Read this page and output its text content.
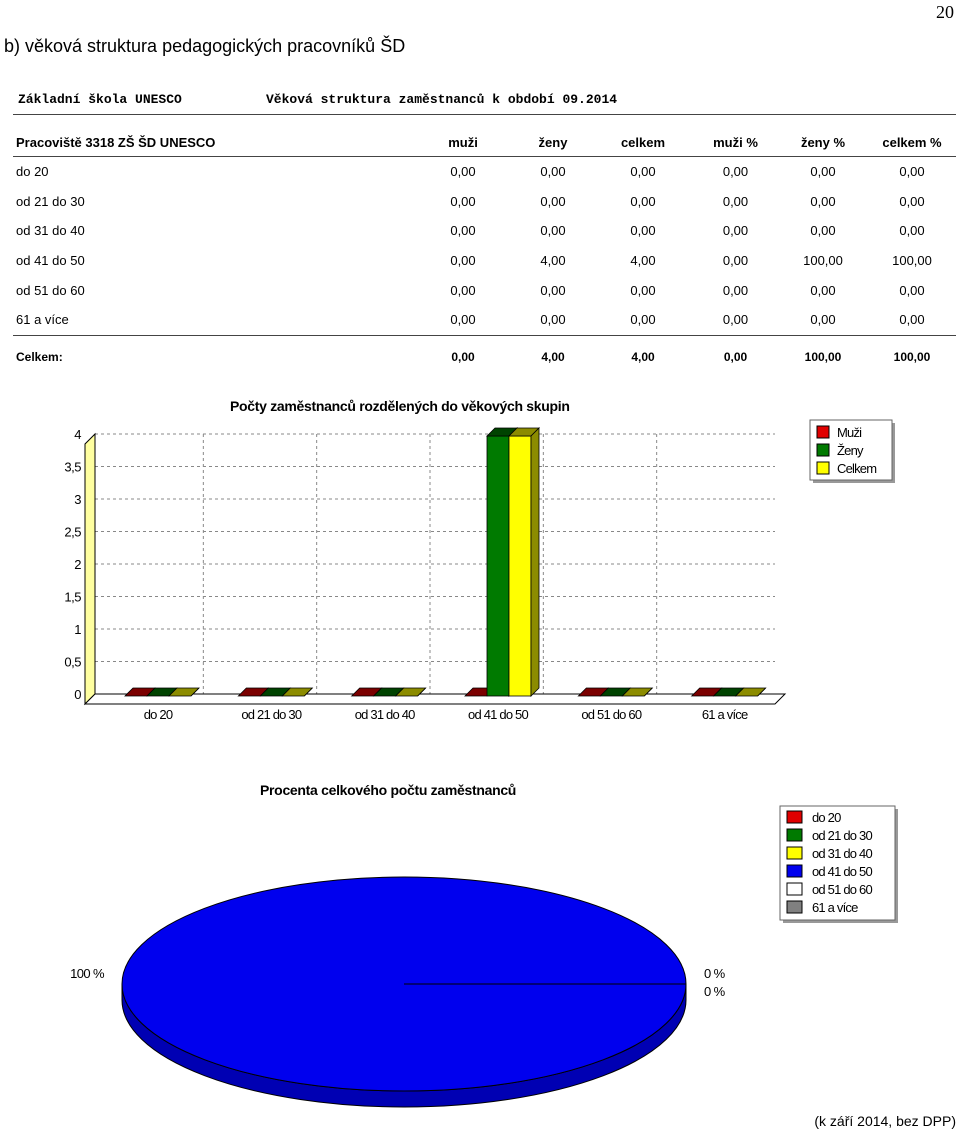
20
b) věková struktura pedagogických pracovníků ŠD
Základní škola UNESCO	Věková struktura zaměstnanců k období 09.2014
Pracoviště 3318 ZŠ ŠD UNESCO	muži	ženy	celkem	muži %	ženy %	celkem %
do 20	0,00	0,00	0,00	0,00	0,00	0,00
od 21 do 30	0,00	0,00	0,00	0,00	0,00	0,00
od 31 do 40	0,00	0,00	0,00	0,00	0,00	0,00
od 41 do 50	0,00	4,00	4,00	0,00	100,00	100,00
od 51 do 60	0,00	0,00	0,00	0,00	0,00	0,00
61 a více	0,00	0,00	0,00	0,00	0,00	0,00
Celkem:	0,00	4,00	4,00	0,00	100,00	100,00
Počty zaměstnanců rozdělených do věkových skupin
0
0,5
1
1,5
2
2,5
3
3,5
4
do 20	od 21 do 30	od 31 do 40	od 41 do 50	od 51 do 60	61 a více
Muži
Ženy
Celkem
Procenta celkového počtu zaměstnanců
100 %	0 %
0 %
do 20
od 21 do 30
od 31 do 40
od 41 do 50
od 51 do 60
61 a více
(k září 2014, bez DPP)
